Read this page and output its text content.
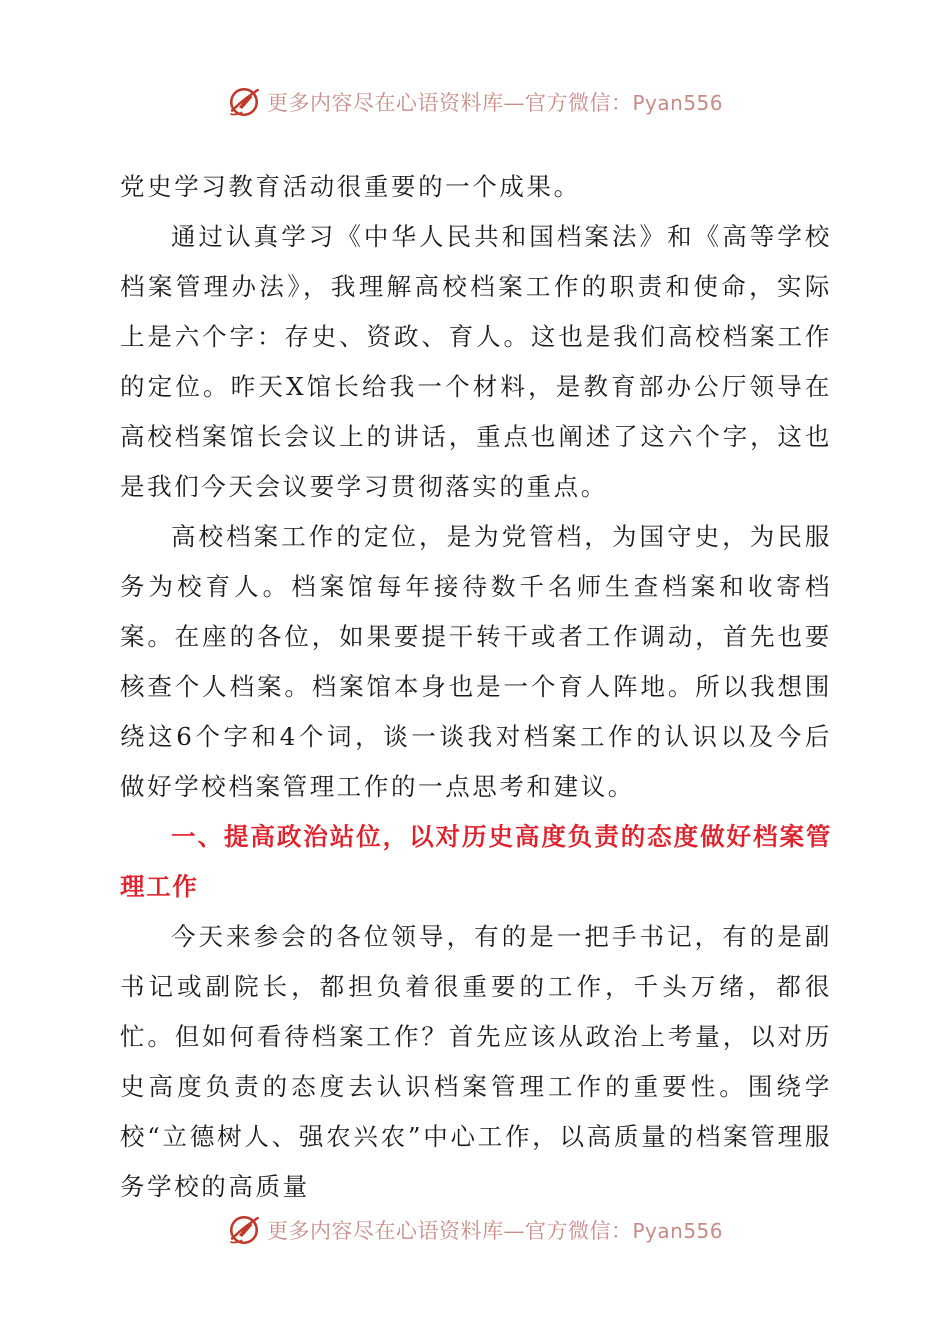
更多内容尽在心语资料库—官方微信：Pyan556

党史学习教育活动很重要的一个成果。

通过认真学习《中华人民共和国档案法》和《高等学校档案管理办法》，我理解高校档案工作的职责和使命，实际上是六个字：存史、资政、育人。这也是我们高校档案工作的定位。昨天X馆长给我一个材料，是教育部办公厅领导在高校档案馆长会议上的讲话，重点也阐述了这六个字，这也是我们今天会议要学习贯彻落实的重点。

高校档案工作的定位，是为党管档，为国守史，为民服务为校育人。档案馆每年接待数千名师生查档案和收寄档案。在座的各位，如果要提干转干或者工作调动，首先也要核查个人档案。档案馆本身也是一个育人阵地。所以我想围绕这6个字和4个词，谈一谈我对档案工作的认识以及今后做好学校档案管理工作的一点思考和建议。

一、提高政治站位，以对历史高度负责的态度做好档案管理工作

今天来参会的各位领导，有的是一把手书记，有的是副书记或副院长，都担负着很重要的工作，千头万绪，都很忙。但如何看待档案工作？首先应该从政治上考量，以对历史高度负责的态度去认识档案管理工作的重要性。围绕学校“立德树人、强农兴农”中心工作，以高质量的档案管理服务学校的高质量

更多内容尽在心语资料库—官方微信：Pyan556
